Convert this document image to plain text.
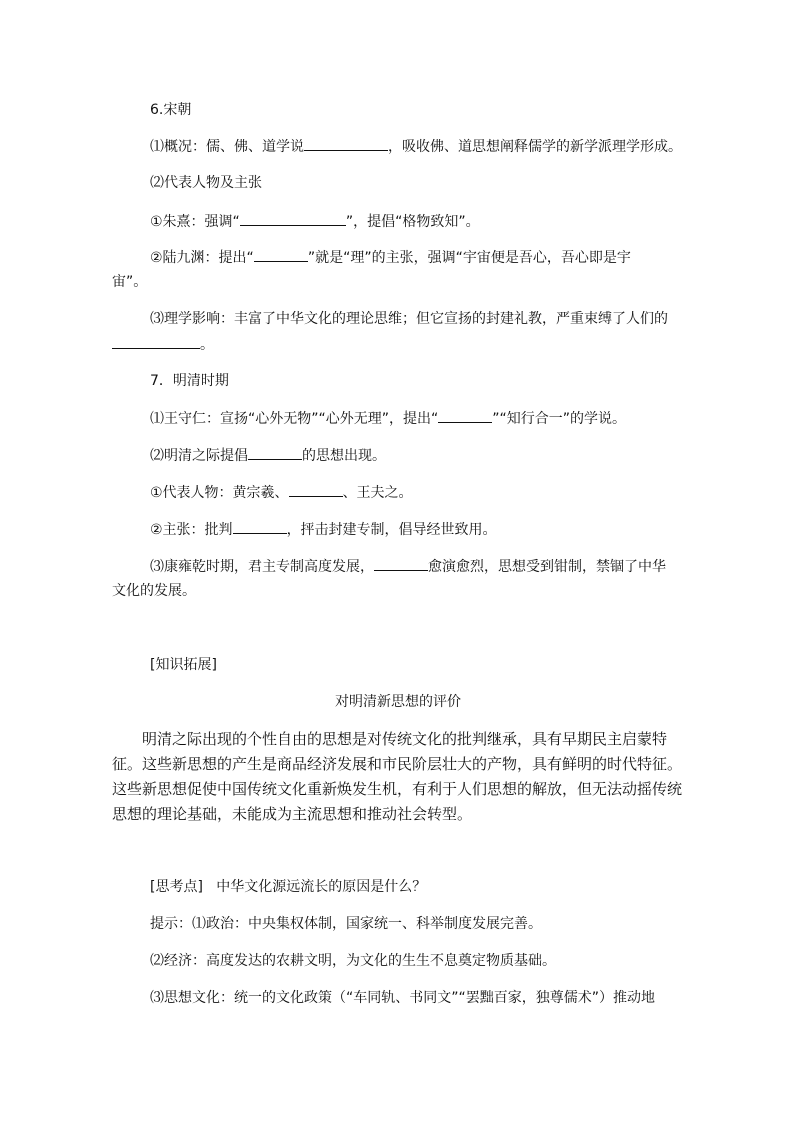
6.宋朝
⑴概况：儒、佛、道学说	，吸收佛、道思想阐释儒学的新学派理学形成。
⑵代表人物及主张
①朱熹：强调“	”，提倡“格物致知”。
②陆九渊：提出“	”就是“理”的主张，强调“宇宙便是吾心，吾心即是宇
宙”。
⑶理学影响：丰富了中华文化的理论思维；但它宣扬的封建礼教，严重束缚了人们的
。
7．明清时期
⑴王守仁：宣扬“心外无物”“心外无理”，提出“	”“知行合一”的学说。
⑵明清之际提倡	的思想出现。
①代表人物：黄宗羲、	、王夫之。
②主张：批判	，抨击封建专制，倡导经世致用。
⑶康雍乾时期，君主专制高度发展，	愈演愈烈，思想受到钳制，禁锢了中华
文化的发展。
[知识拓展]
对明清新思想的评价
明清之际出现的个性自由的思想是对传统文化的批判继承，具有早期民主启蒙特征。这些新思想的产生是商品经济发展和市民阶层壮大的产物，具有鲜明的时代特征。这些新思想促使中国传统文化重新焕发生机，有利于人们思想的解放，但无法动摇传统思想的理论基础，未能成为主流思想和推动社会转型。
[思考点] 中华文化源远流长的原因是什么？
提示：⑴政治：中央集权体制，国家统一、科举制度发展完善。
⑵经济：高度发达的农耕文明，为文化的生生不息奠定物质基础。
⑶思想文化：统一的文化政策（“车同轨、书同文”“罢黜百家，独尊儒术”）推动地
